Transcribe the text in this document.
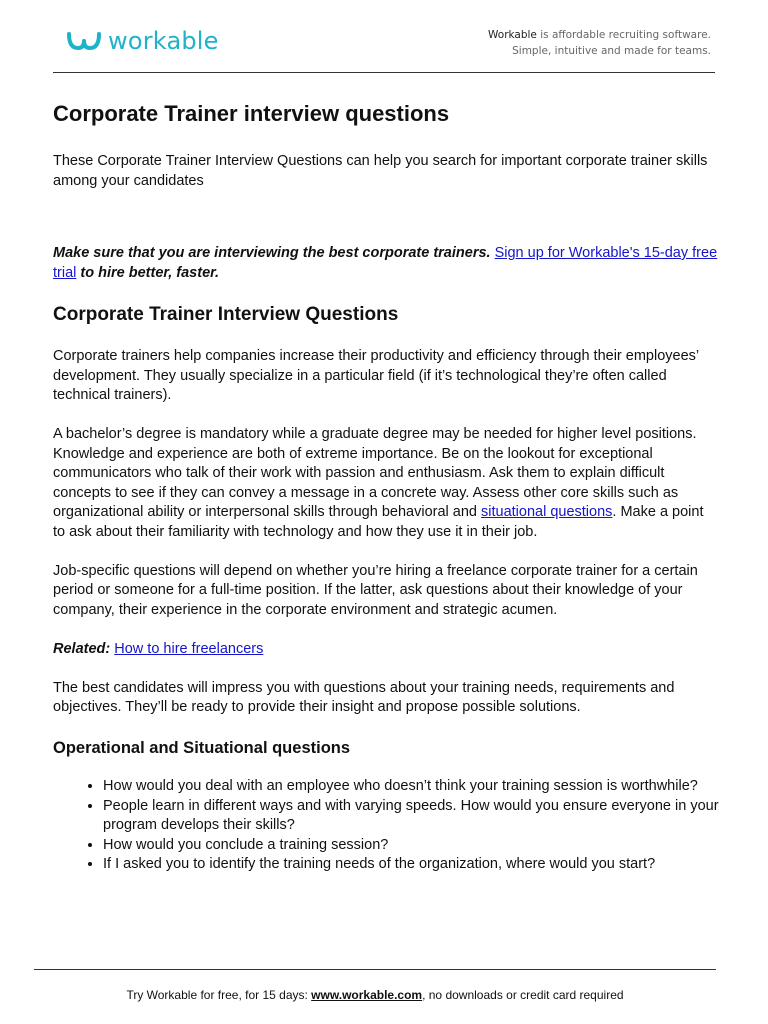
workable	Workable is affordable recruiting software.
Simple, intuitive and made for teams.
Corporate Trainer interview questions

These Corporate Trainer Interview Questions can help you search for important corporate trainer skills among your candidates

Make sure that you are interviewing the best corporate trainers. Sign up for Workable's 15-day free trial to hire better, faster.

Corporate Trainer Interview Questions

Corporate trainers help companies increase their productivity and efficiency through their employees’ development. They usually specialize in a particular field (if it’s technological they’re often called technical trainers).

A bachelor’s degree is mandatory while a graduate degree may be needed for higher level positions. Knowledge and experience are both of extreme importance. Be on the lookout for exceptional communicators who talk of their work with passion and enthusiasm. Ask them to explain difficult concepts to see if they can convey a message in a concrete way. Assess other core skills such as organizational ability or interpersonal skills through behavioral and situational questions. Make a point to ask about their familiarity with technology and how they use it in their job.

Job-specific questions will depend on whether you’re hiring a freelance corporate trainer for a certain period or someone for a full-time position. If the latter, ask questions about their knowledge of your company, their experience in the corporate environment and strategic acumen.

Related: How to hire freelancers

The best candidates will impress you with questions about your training needs, requirements and objectives. They’ll be ready to provide their insight and propose possible solutions.

Operational and Situational questions
• How would you deal with an employee who doesn’t think your training session is worthwhile?
• People learn in different ways and with varying speeds. How would you ensure everyone in your program develops their skills?
• How would you conclude a training session?
• If I asked you to identify the training needs of the organization, where would you start?
Try Workable for free, for 15 days: www.workable.com, no downloads or credit card required
